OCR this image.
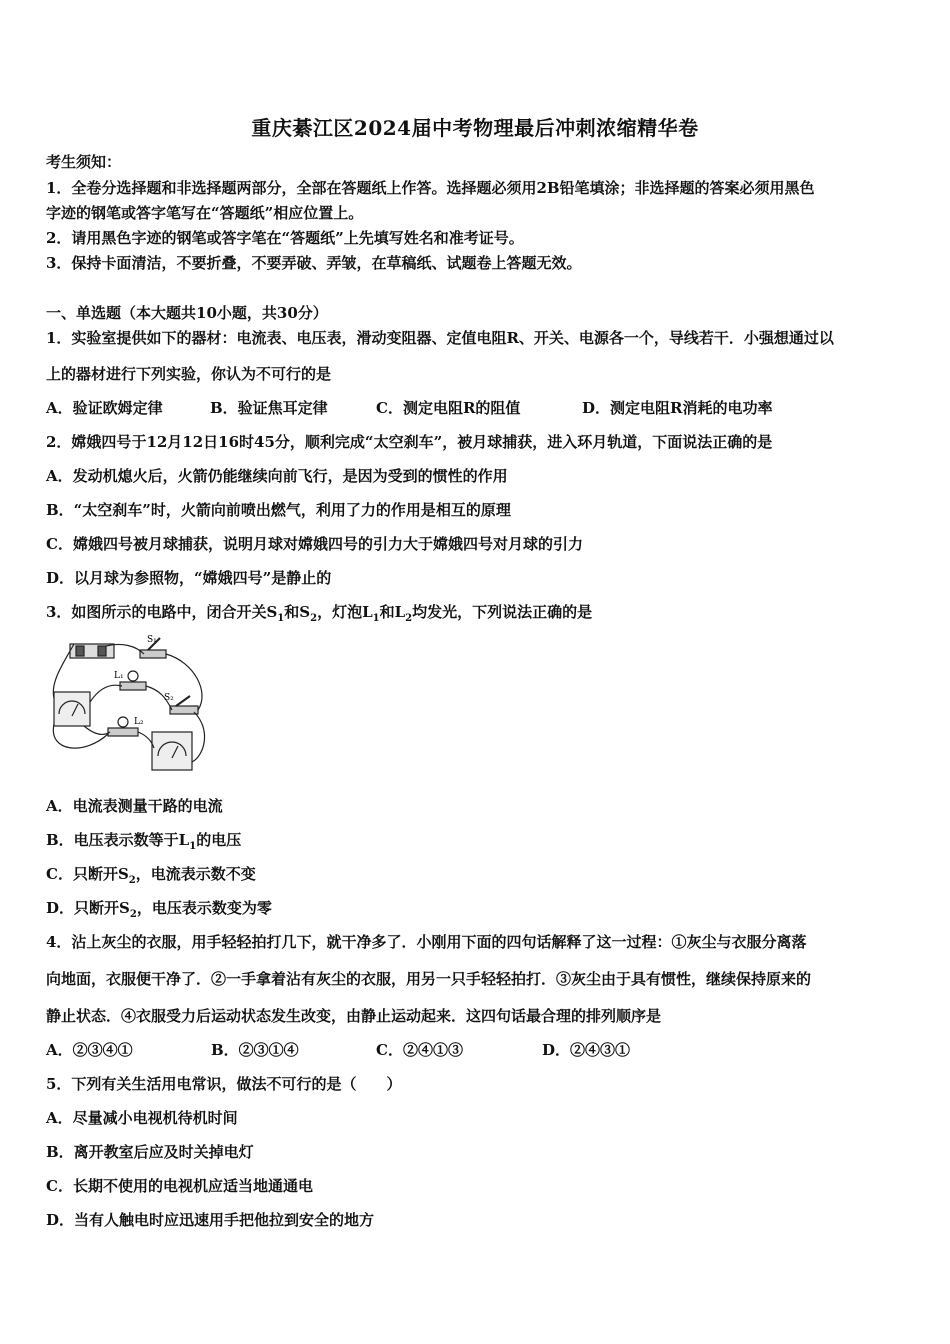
重庆綦江区2024届中考物理最后冲刺浓缩精华卷
考生须知：
1．全卷分选择题和非选择题两部分，全部在答题纸上作答。选择题必须用2B铅笔填涂；非选择题的答案必须用黑色
字迹的钢笔或答字笔写在“答题纸”相应位置上。
2．请用黑色字迹的钢笔或答字笔在“答题纸”上先填写姓名和准考证号。
3．保持卡面清洁，不要折叠，不要弄破、弄皱，在草稿纸、试题卷上答题无效。
一、单选题（本大题共10小题，共30分）
1．实验室提供如下的器材：电流表、电压表，滑动变阻器、定值电阻R、开关、电源各一个，导线若干．小强想通过以
上的器材进行下列实验，你认为不可行的是
A．验证欧姆定律	B．验证焦耳定律	C．测定电阻R的阻值	D．测定电阻R消耗的电功率
2．嫦娥四号于12月12日16时45分，顺利完成“太空刹车”，被月球捕获，进入环月轨道，下面说法正确的是
A．发动机熄火后，火箭仍能继续向前飞行，是因为受到的惯性的作用
B．“太空刹车”时，火箭向前喷出燃气，利用了力的作用是相互的原理
C．嫦娥四号被月球捕获，说明月球对嫦娥四号的引力大于嫦娥四号对月球的引力
D．以月球为参照物，“嫦娥四号”是静止的
3．如图所示的电路中，闭合开关$S_1$和$S_2$，灯泡$L_1$和$L_2$均发光，下列说法正确的是
S₁
S₂
L₁
L₂
A．电流表测量干路的电流
B．电压表示数等于$L_1$的电压
C．只断开$S_2$，电流表示数不变
D．只断开$S_2$，电压表示数变为零
4．沾上灰尘的衣服，用手轻轻拍打几下，就干净多了．小刚用下面的四句话解释了这一过程：①灰尘与衣服分离落
向地面，衣服便干净了．②一手拿着沾有灰尘的衣服，用另一只手轻轻拍打．③灰尘由于具有惯性，继续保持原来的
静止状态．④衣服受力后运动状态发生改变，由静止运动起来．这四句话最合理的排列顺序是
A．②③④①	B．②③①④	C．②④①③	D．②④③①
5．下列有关生活用电常识，做法不可行的是（　　）
A．尽量减小电视机待机时间
B．离开教室后应及时关掉电灯
C．长期不使用的电视机应适当地通通电
D．当有人触电时应迅速用手把他拉到安全的地方
